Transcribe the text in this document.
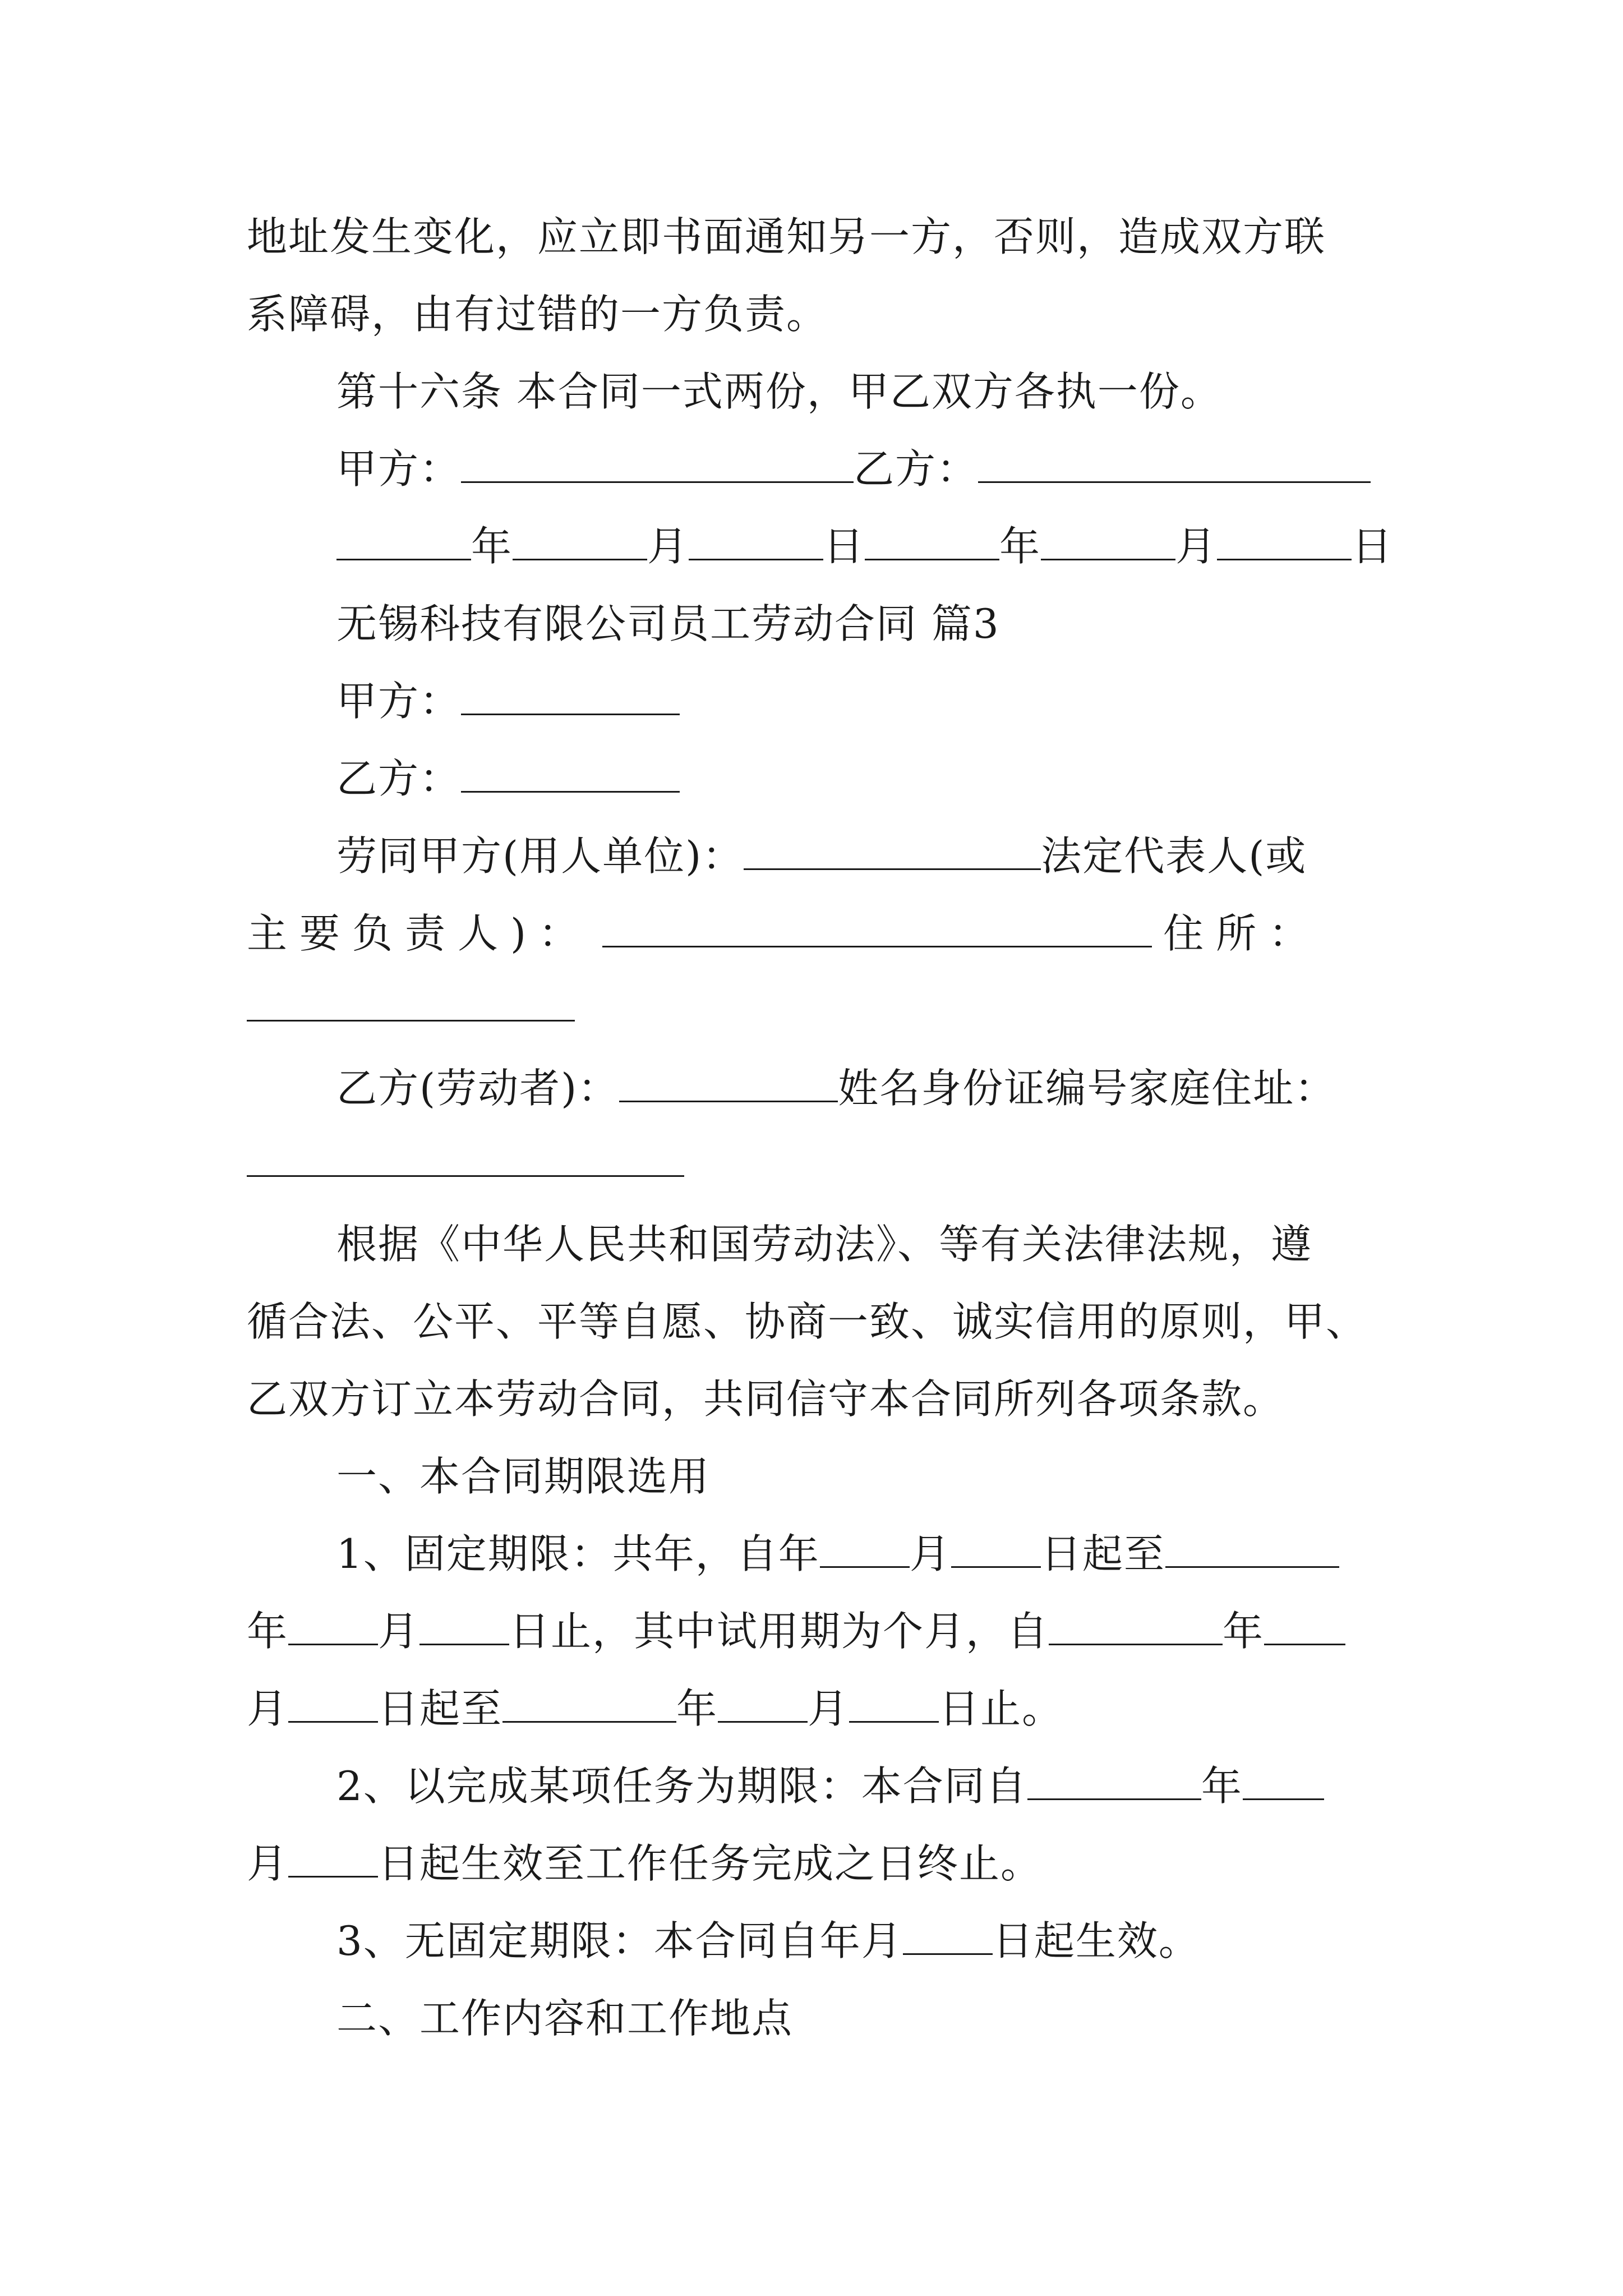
地址发生变化，应立即书面通知另一方，否则，造成双方联
系障碍，由有过错的一方负责。
第十六条 本合同一式两份，甲乙双方各执一份。
甲方：	乙方：
年	月	日	年	月	日
无锡科技有限公司员工劳动合同 篇3
甲方：
乙方：
劳同甲方(用人单位)：	法定代表人(或
主要负责人)：	住所：
乙方(劳动者)：	姓名身份证编号家庭住址：
根据《中华人民共和国劳动法》、等有关法律法规，遵
循合法、公平、平等自愿、协商一致、诚实信用的原则，甲、
乙双方订立本劳动合同，共同信守本合同所列各项条款。
一、本合同期限选用
1、固定期限：共年，自年 月 日起至
年 月 日止，其中试用期为个月，自	年
月 日起至	年 月 日止。
2、以完成某项任务为期限：本合同自	年
月 日起生效至工作任务完成之日终止。
3、无固定期限：本合同自年月 日起生效。
二、工作内容和工作地点
